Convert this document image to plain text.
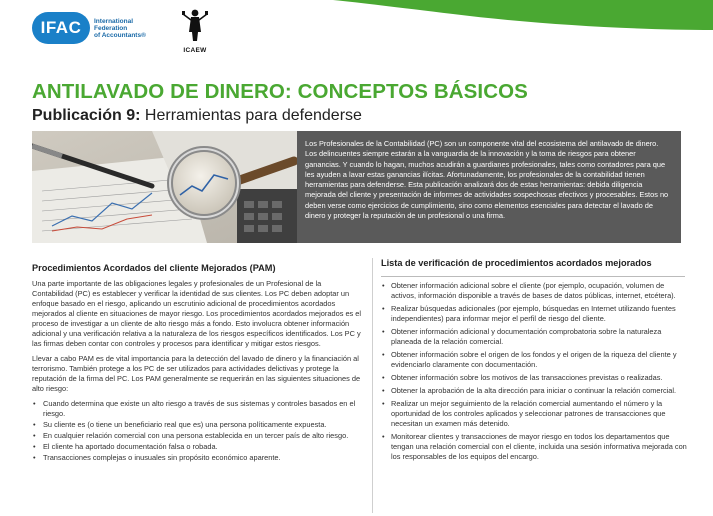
IFAC	International
Federation
of Accountants®
ICAEW
ANTILAVADO DE DINERO: CONCEPTOS BÁSICOS
Publicación 9: Herramientas para defenderse
Los Profesionales de la Contabilidad (PC) son un componente vital del ecosistema del antilavado de dinero. Los delincuentes siempre estarán a la vanguardia de la innovación y la toma de riesgos para obtener ganancias. Y cuando lo hagan, muchos acudirán a guardianes profesionales, tales como contadores para que les ayuden a lavar estas ganancias ilícitas. Afortunadamente, los profesionales de la contabilidad tienen herramientas para defenderse. Esta publicación analizará dos de estas herramientas: debida diligencia mejorada del cliente y presentación de informes de actividades sospechosas efectivos y procesables. Estos no deben verse como ejercicios de cumplimiento, sino como elementos esenciales para detectar el lavado de dinero y proteger la reputación de un profesional o una firma.
Procedimientos Acordados del cliente Mejorados (PAM)

Una parte importante de las obligaciones legales y profesionales de un Profesional de la Contabilidad (PC) es establecer y verificar la identidad de sus clientes. Los PC deben adoptar un enfoque basado en el riesgo, aplicando un escrutinio adicional de procedimientos acordados mejorados al cliente en situaciones de mayor riesgo. Los procedimientos acordados mejorados es el proceso de investigar a un cliente de alto riesgo más a fondo. Esto involucra obtener información adicional y una verificación relativa a la naturaleza de los riesgos específicos identificados. Los PC y las firmas deben contar con controles y procesos para identificar y mitigar estos riesgos.

Llevar a cabo PAM es de vital importancia para la detección del lavado de dinero y la financiación al terrorismo. También protege a los PC de ser utilizados para actividades delictivas y protege la reputación de la firma del PC. Los PAM generalmente se requerirán en las siguientes situaciones de alto riesgo:

• Cuando determina que existe un alto riesgo a través de sus sistemas y controles basados en el riesgo.
• Su cliente es (o tiene un beneficiario real que es) una persona políticamente expuesta.
• En cualquier relación comercial con una persona establecida en un tercer país de alto riesgo.
• El cliente ha aportado documentación falsa o robada.
• Transacciones complejas o inusuales sin propósito económico aparente.
Lista de verificación de procedimientos acordados mejorados
• Obtener información adicional sobre el cliente (por ejemplo, ocupación, volumen de activos, información disponible a través de bases de datos públicas, internet, etcétera).
• Realizar búsquedas adicionales (por ejemplo, búsquedas en Internet utilizando fuentes independientes) para informar mejor el perfil de riesgo del cliente.
• Obtener información adicional y documentación comprobatoria sobre la naturaleza planeada de la relación comercial.
• Obtener información sobre el origen de los fondos y el origen de la riqueza del cliente y evidenciarlo claramente con documentación.
• Obtener información sobre los motivos de las transacciones previstas o realizadas.
• Obtener la aprobación de la alta dirección para iniciar o continuar la relación comercial.
• Realizar un mejor seguimiento de la relación comercial aumentando el número y la oportunidad de los controles aplicados y seleccionar patrones de transacciones que necesitan un examen más detenido.
• Monitorear clientes y transacciones de mayor riesgo en todos los departamentos que tengan una relación comercial con el cliente, incluida una sesión informativa mejorada con los responsables de los equipos del encargo.
